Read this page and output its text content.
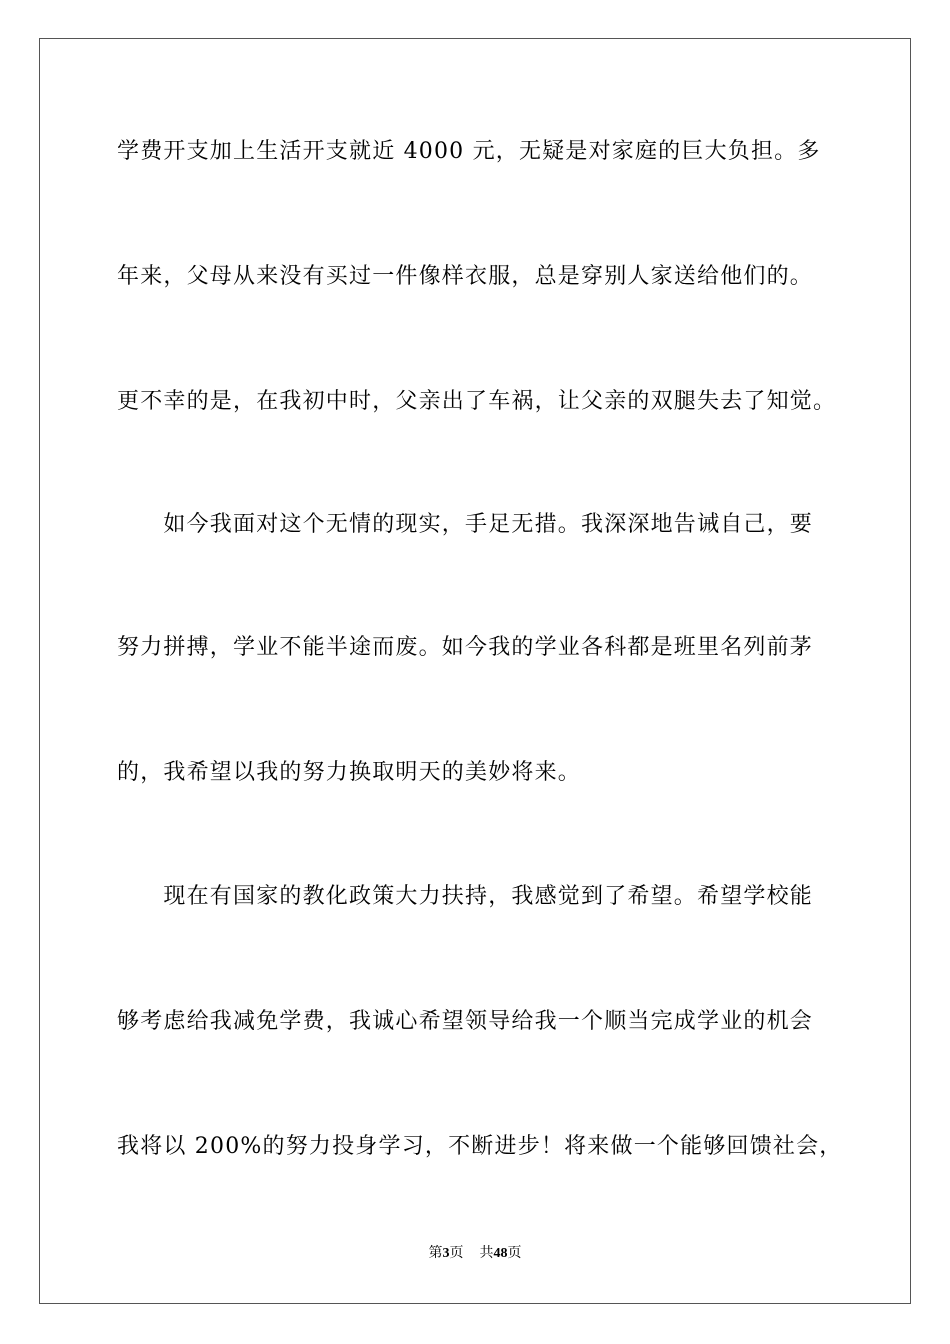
学费开支加上生活开支就近 4000 元，无疑是对家庭的巨大负担。多
年来，父母从来没有买过一件像样衣服，总是穿别人家送给他们的。
更不幸的是，在我初中时，父亲出了车祸，让父亲的双腿失去了知觉。
　　如今我面对这个无情的现实，手足无措。我深深地告诫自己，要
努力拼搏，学业不能半途而废。如今我的学业各科都是班里名列前茅
的，我希望以我的努力换取明天的美妙将来。
　　现在有国家的教化政策大力扶持，我感觉到了希望。希望学校能
够考虑给我减免学费，我诚心希望领导给我一个顺当完成学业的机会
我将以 200%的努力投身学习，不断进步！将来做一个能够回馈社会，
第3页 共48页
